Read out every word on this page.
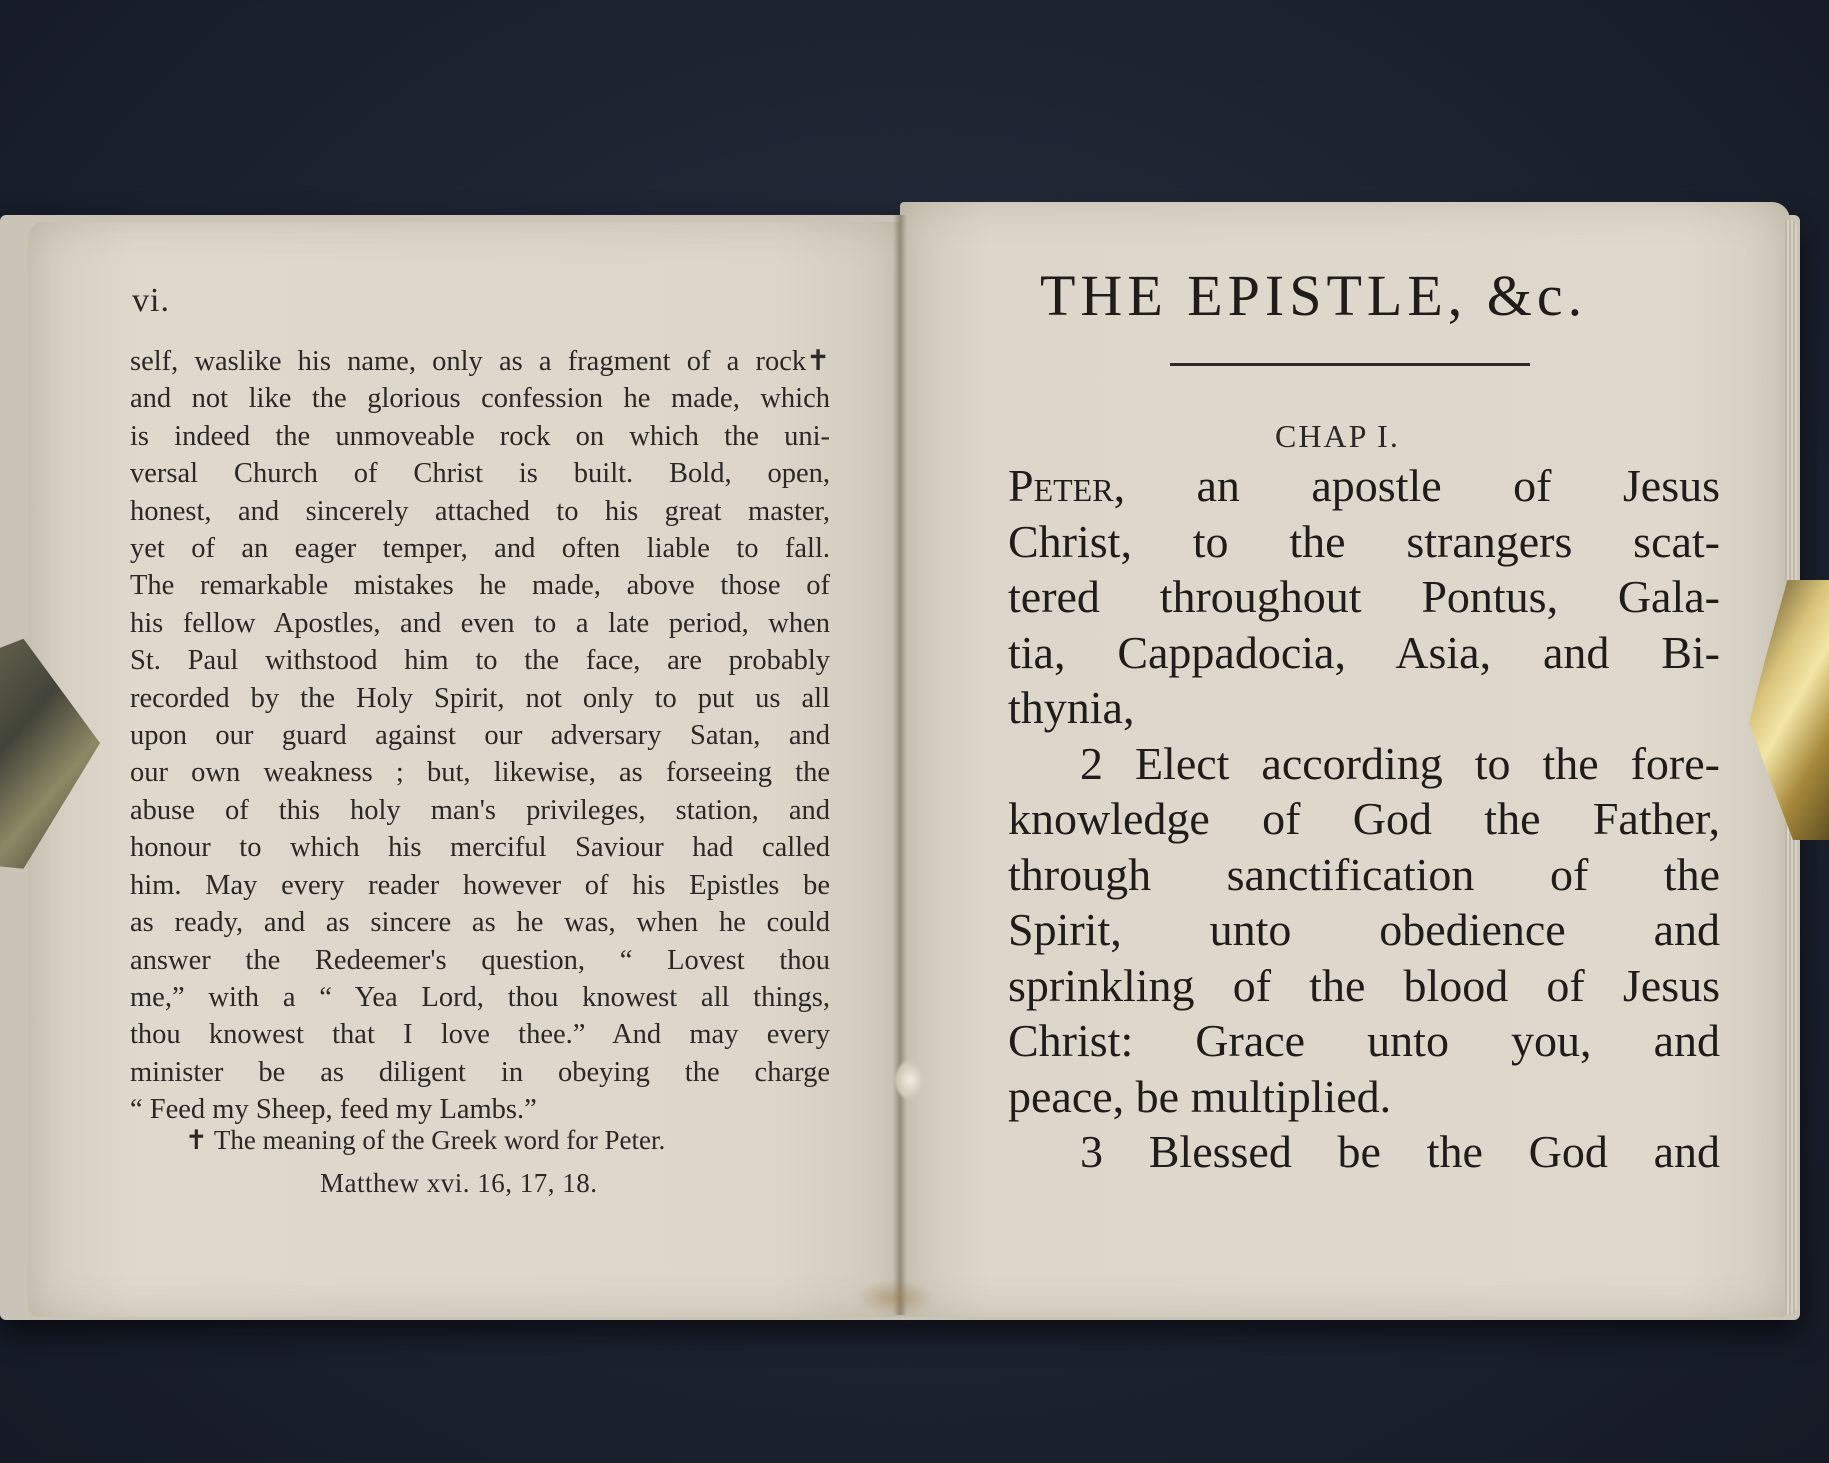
vi.
self, waslike his name, only as a fragment of a rock✝
and not like the glorious confession he made, which
is indeed the unmoveable rock on which the uni-
versal Church of Christ is built. Bold, open,
honest, and sincerely attached to his great master,
yet of an eager temper, and often liable to fall.
The remarkable mistakes he made, above those of
his fellow Apostles, and even to a late period, when
St. Paul withstood him to the face, are probably
recorded by the Holy Spirit, not only to put us all
upon our guard against our adversary Satan, and
our own weakness ; but, likewise, as forseeing the
abuse of this holy man's privileges, station, and
honour to which his merciful Saviour had called
him. May every reader however of his Epistles be
as ready, and as sincere as he was, when he could
answer the Redeemer's question, “ Lovest thou
me,” with a “ Yea Lord, thou knowest all things,
thou knowest that I love thee.” And may every
minister be as diligent in obeying the charge
“ Feed my Sheep, feed my Lambs.”
✝ The meaning of the Greek word for Peter.
Matthew xvi. 16, 17, 18.
THE EPISTLE, &c.
CHAP I.
Peter, an apostle of Jesus
Christ, to the strangers scat-
tered throughout Pontus, Gala-
tia, Cappadocia, Asia, and Bi-
thynia,
2 Elect according to the fore-
knowledge of God the Father,
through sanctification of the
Spirit, unto obedience and
sprinkling of the blood of Jesus
Christ: Grace unto you, and
peace, be multiplied.
3 Blessed be the God and
